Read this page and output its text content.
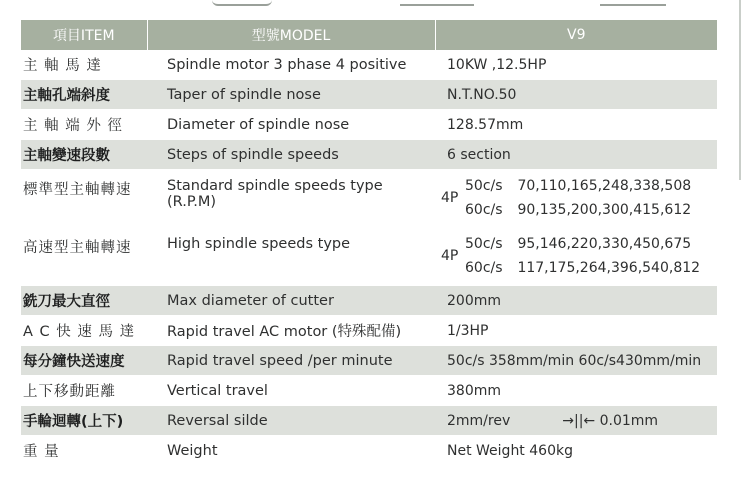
項目ITEM	型號MODEL	V9
主 軸 馬 達	Spindle motor 3 phase 4 positive	10KW ,12.5HP
主軸孔端斜度	Taper of spindle nose	N.T.NO.50
主 軸 端 外 徑	Diameter of spindle nose	128.57mm
主軸變速段數	Steps of spindle speeds	6 section
標準型主軸轉速	Standard spindle speeds type (R.P.M)	4P
50c/s 70,110,165,248,338,508
60c/s 90,135,200,300,415,612

高速型主軸轉速	High spindle speeds type	4P
50c/s 95,146,220,330,450,675
60c/s 117,175,264,396,540,812

銑刀最大直徑	Max diameter of cutter	200mm
A C 快 速 馬 達	Rapid travel AC motor (特殊配備)	1/3HP
每分鐘快送速度	Rapid travel speed /per minute	50c/s 358mm/min 60c/s430mm/min
上下移動距離	Vertical travel	380mm
手輪迴轉(上下)	Reversal silde	2mm/rev →||← 0.01mm
重 量	Weight	Net Weight 460kg
